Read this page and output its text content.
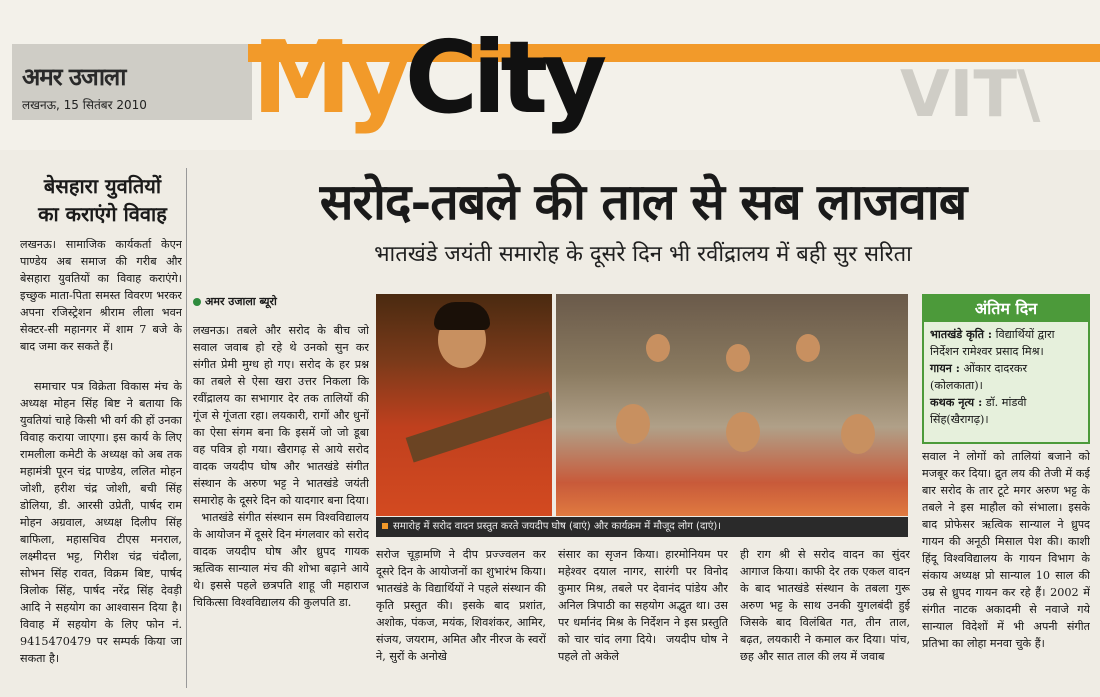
अमर उजाला
लखनऊ, 15 सितंबर 2010 MyCity	VIT\
बेसहारा युवतियों
का कराएंगे विवाह
लखनऊ। सामाजिक कार्यकर्ता केएन पाण्डेय अब समाज की गरीब और बेसहारा युवतियों का विवाह कराएंगे। इच्छुक माता-पिता समस्त विवरण भरकर अपना रजिस्ट्रेशन श्रीराम लीला भवन सेक्टर-सी महानगर में शाम 7 बजे के बाद जमा कर सकते हैं।
समाचार पत्र विक्रेता विकास मंच के अध्यक्ष मोहन सिंह बिष्ट ने बताया कि युवतियां चाहे किसी भी वर्ग की हों उनका विवाह कराया जाएगा। इस कार्य के लिए रामलीला कमेटी के अध्यक्ष को अब तक महामंत्री पूरन चंद्र पाण्डेय, ललित मोहन जोशी, हरीश चंद्र जोशी, बची सिंह डोलिया, डी. आरसी उप्रेती, पार्षद राम मोहन अग्रवाल, अध्यक्ष दिलीप सिंह बाफिला, महासचिव टीएस मनराल, लक्ष्मीदत्त भट्ट, गिरीश चंद्र चंदौला, सोभन सिंह रावत, विक्रम बिष्ट, पार्षद त्रिलोक सिंह, पार्षद नरेंद्र सिंह देवड़ी आदि ने सहयोग का आश्वासन दिया है। विवाह में सहयोग के लिए फोन नं. 9415470479 पर सम्पर्क किया जा सकता है।
सरोद-तबले की ताल से सब लाजवाब
भातखंडे जयंती समारोह के दूसरे दिन भी रवींद्रालय में बही सुर सरिता
अमर उजाला ब्यूरो
लखनऊ। तबले और सरोद के बीच जो सवाल जवाब हो रहे थे उनको सुन कर संगीत प्रेमी मुग्ध हो गए। सरोद के हर प्रश्न का तबले से ऐसा खरा उत्तर निकला कि रवींद्रालय का सभागार देर तक तालियों की गूंज से गूंजता रहा। लयकारी, रागों और धुनों का ऐसा संगम बना कि इसमें जो जो डूबा वह पवित्र हो गया। खैरागढ़ से आये सरोद वादक जयदीप घोष और भातखंडे संगीत संस्थान के अरुण भट्ट ने भातखंडे जयंती समारोह के दूसरे दिन को यादगार बना दिया।  भातखंडे संगीत संस्थान सम विश्वविद्यालय के आयोजन में दूसरे दिन मंगलवार को सरोद वादक जयदीप घोष और ध्रुपद गायक ऋत्विक सान्याल मंच की शोभा बढ़ाने आये थे। इससे पहले छत्रपति शाहू जी महाराज चिकित्सा विश्वविद्यालय की कुलपति डा.
समारोह में सरोद वादन प्रस्तुत करते जयदीप घोष (बाएं) और कार्यक्रम में मौजूद लोग (दाएं)।
सरोज चूड़ामणि ने दीप प्रज्ज्वलन कर दूसरे दिन के आयोजनों का शुभारंभ किया। भातखंडे के विद्यार्थियों ने पहले संस्थान की कृति प्रस्तुत की। इसके बाद प्रशांत, अशोक, पंकज, मयंक, शिवशंकर, आमिर, संजय, जयराम, अमित और नीरज के स्वरों ने, सुरों के अनोखे
संसार का सृजन किया। हारमोनियम पर महेश्वर दयाल नागर, सारंगी पर विनोद कुमार मिश्र, तबले पर देवानंद पांडेय और अनिल त्रिपाठी का सहयोग अद्भुत था। उस पर धर्मानंद मिश्र के निर्देशन ने इस प्रस्तुति को चार चांद लगा दिये।  जयदीप घोष ने पहले तो अकेले
ही राग श्री से सरोद वादन का सुंदर आगाज किया। काफी देर तक एकल वादन के बाद भातखंडे संस्थान के तबला गुरू अरुण भट्ट के साथ उनकी युगलबंदी हुई जिसके बाद विलंबित गत, तीन ताल, बढ़त, लयकारी ने कमाल कर दिया। पांच, छह और सात ताल की लय में जवाब
अंतिम दिन
भातखंडे कृति : विद्यार्थियों द्वारा निर्देशन रामेश्वर प्रसाद मिश्र।
गायन : ओंकार दादरकर (कोलकाता)।
कथक नृत्य : डॉ. मांडवी सिंह(खैरागढ़)।
सवाल ने लोगों को तालियां बजाने को मजबूर कर दिया। द्रुत लय की तेजी में कई बार सरोद के तार टूटे मगर अरुण भट्ट के तबले ने इस माहौल को संभाला। इसके बाद प्रोफेसर ऋत्विक सान्याल ने ध्रुपद गायन की अनूठी मिसाल पेश की। काशी हिंदू विश्वविद्यालय के गायन विभाग के संकाय अध्यक्ष प्रो सान्याल 10 साल की उम्र से ध्रुपद गायन कर रहे हैं। 2002 में संगीत नाटक अकादमी से नवाजे गये सान्याल विदेशों में भी अपनी संगीत प्रतिभा का लोहा मनवा चुके हैं।
